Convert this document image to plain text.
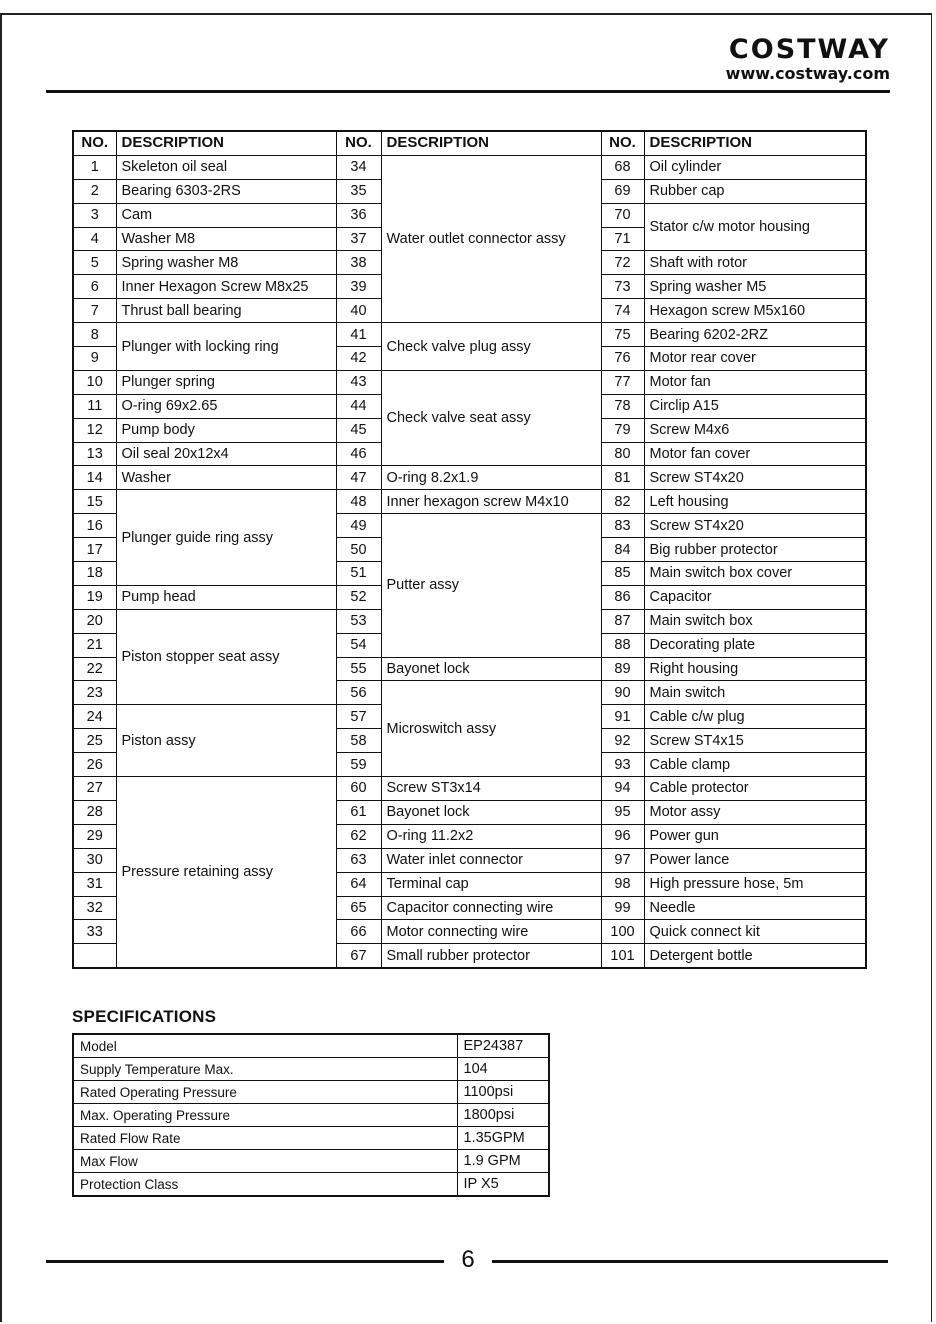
COSTWAY
www.costway.com
NO.	DESCRIPTION	NO.	DESCRIPTION	NO.	DESCRIPTION
1	Skeleton oil seal	34	Water outlet connector assy	68	Oil cylinder
2	Bearing 6303-2RS	35		69	Rubber cap
3	Cam	36		70	Stator c/w motor housing
4	Washer M8	37		71	
5	Spring washer M8	38		72	Shaft with rotor
6	Inner Hexagon Screw M8x25	39		73	Spring washer M5
7	Thrust ball bearing	40		74	Hexagon screw M5x160
8	Plunger with locking ring	41	Check valve plug assy	75	Bearing 6202-2RZ
9		42		76	Motor rear cover
10	Plunger spring	43	Check valve seat assy	77	Motor fan
11	O-ring 69x2.65	44		78	Circlip A15
12	Pump body	45		79	Screw M4x6
13	Oil seal 20x12x4	46		80	Motor fan cover
14	Washer	47	O-ring 8.2x1.9	81	Screw ST4x20
15	Plunger guide ring assy	48	Inner hexagon screw M4x10	82	Left housing
16		49	Putter assy	83	Screw ST4x20
17		50		84	Big rubber protector
18		51		85	Main switch box cover
19	Pump head	52		86	Capacitor
20	Piston stopper seat assy	53		87	Main switch box
21		54		88	Decorating plate
22		55	Bayonet lock	89	Right housing
23		56	Microswitch assy	90	Main switch
24	Piston assy	57		91	Cable c/w plug
25		58		92	Screw ST4x15
26		59		93	Cable clamp
27	Pressure retaining assy	60	Screw ST3x14	94	Cable protector
28		61	Bayonet lock	95	Motor assy
29		62	O-ring 11.2x2	96	Power gun
30		63	Water inlet connector	97	Power lance
31		64	Terminal cap	98	High pressure hose, 5m
32		65	Capacitor connecting wire	99	Needle
33		66	Motor connecting wire	100	Quick connect kit
		67	Small rubber protector	101	Detergent bottle
SPECIFICATIONS
Model	EP24387
Supply Temperature Max.	104
Rated Operating Pressure	1100psi
Max. Operating Pressure	1800psi
Rated Flow Rate	1.35GPM
Max Flow	1.9 GPM
Protection Class	IP X5
6
